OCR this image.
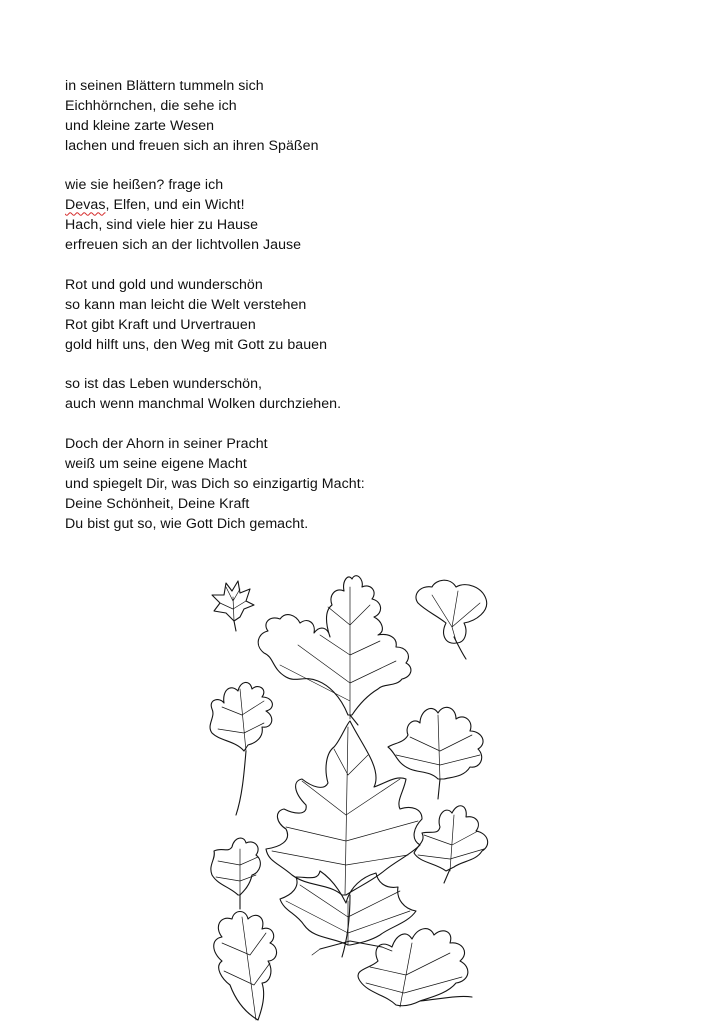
in seinen Blättern tummeln sich
Eichhörnchen, die sehe ich
und kleine zarte Wesen
lachen und freuen sich an ihren Späßen
wie sie heißen? frage ich
Devas, Elfen, und ein Wicht!
Hach, sind viele hier zu Hause
erfreuen sich an der lichtvollen Jause
Rot und gold und wunderschön
so kann man leicht die Welt verstehen
Rot gibt Kraft und Urvertrauen
gold hilft uns, den Weg mit Gott zu bauen
so ist das Leben wunderschön,
auch wenn manchmal Wolken durchziehen.
Doch der Ahorn in seiner Pracht
weiß um seine eigene Macht
und spiegelt Dir, was Dich so einzigartig Macht:
Deine Schönheit, Deine Kraft
Du bist gut so, wie Gott Dich gemacht.
